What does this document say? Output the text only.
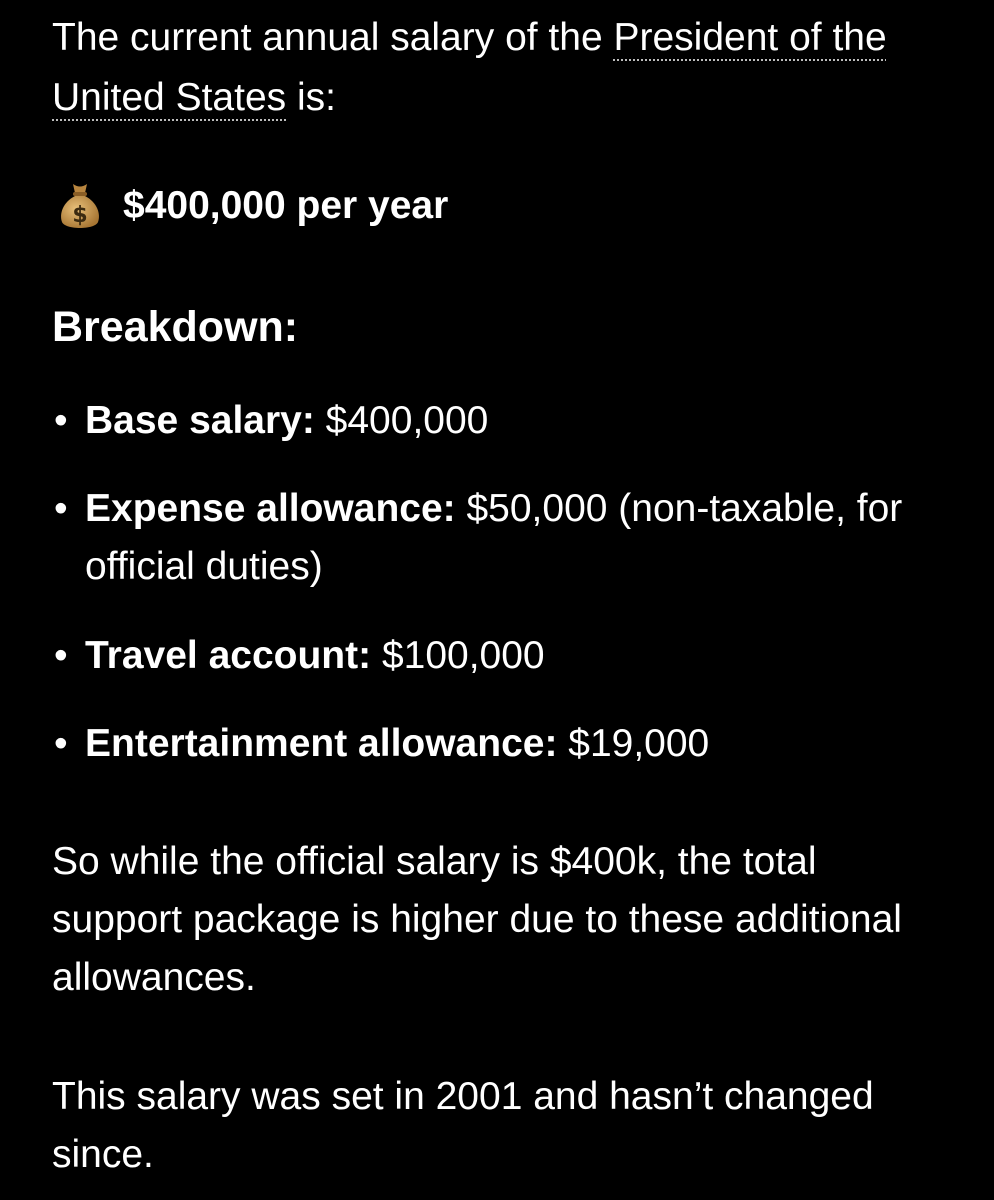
The current annual salary of the President of the United States is:

$ $400,000 per year
Breakdown:
• Base salary: $400,000
• Expense allowance: $50,000 (non-taxable, for official duties)
• Travel account: $100,000
• Entertainment allowance: $19,000

So while the official salary is $400k, the total support package is higher due to these additional allowances.

This salary was set in 2001 and hasn’t changed since.
